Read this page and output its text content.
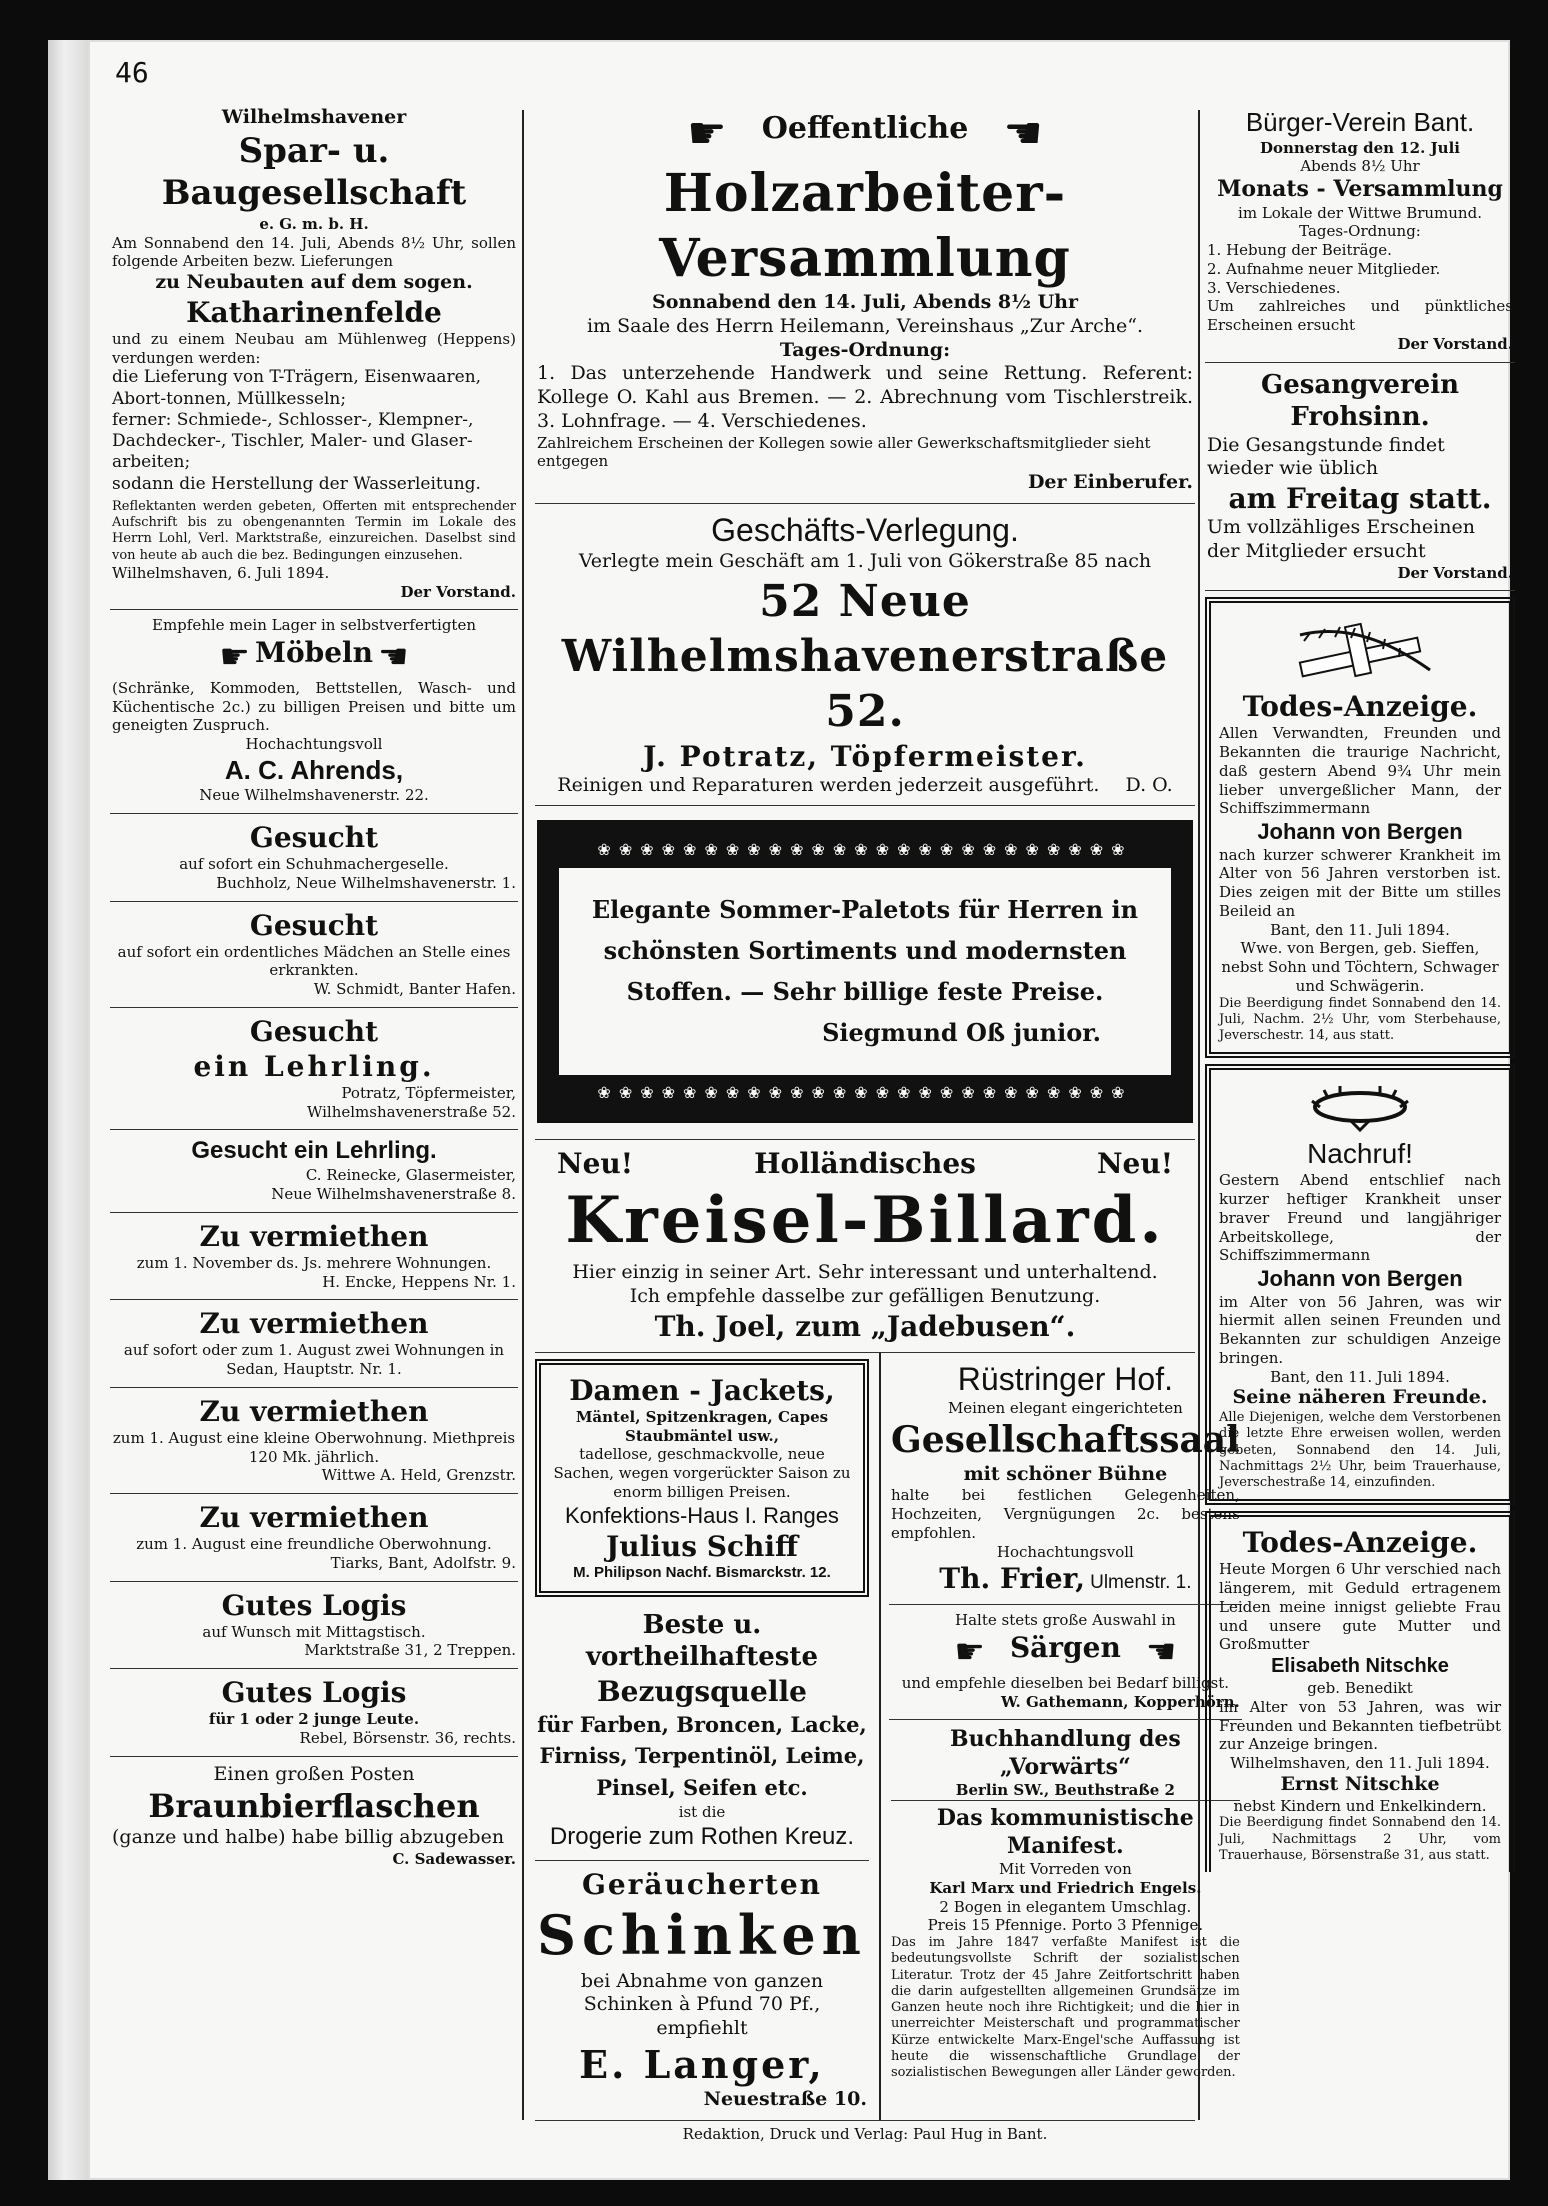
46
Wilhelmshavener
Spar- u. Baugesellschaft
e. G. m. b. H.
Am Sonnabend den 14. Juli, Abends 8½ Uhr, sollen folgende Arbeiten bezw. Lieferungen
zu Neubauten auf dem sogen.
Katharinenfelde
und zu einem Neubau am Mühlenweg (Heppens) verdungen werden:
die Lieferung von T-Trägern, Eisenwaaren, Abort-tonnen, Müllkesseln;
ferner: Schmiede-, Schlosser-, Klempner-, Dachdecker-, Tischler, Maler- und Glaser-arbeiten;
sodann die Herstellung der Wasserleitung.
Reflektanten werden gebeten, Offerten mit entsprechender Aufschrift bis zu obengenannten Termin im Lokale des Herrn Lohl, Verl. Marktstraße, einzureichen. Daselbst sind von heute ab auch die bez. Bedingungen einzusehen.
Wilhelmshaven, 6. Juli 1894.
Der Vorstand.
Empfehle mein Lager in selbstverfertigten
☛ Möbeln ☚
(Schränke, Kommoden, Bettstellen, Wasch- und Küchentische 2c.) zu billigen Preisen und bitte um geneigten Zuspruch.
Hochachtungsvoll
A. C. Ahrends,
Neue Wilhelmshavenerstr. 22.
Gesucht
auf sofort ein Schuhmachergeselle.
Buchholz, Neue Wilhelmshavenerstr. 1.
Gesucht
auf sofort ein ordentliches Mädchen an Stelle eines erkrankten.
W. Schmidt, Banter Hafen.
Gesucht
ein Lehrling.
Potratz, Töpfermeister,
Wilhelmshavenerstraße 52.
Gesucht ein Lehrling.
C. Reinecke, Glasermeister,
Neue Wilhelmshavenerstraße 8.
Zu vermiethen
zum 1. November ds. Js. mehrere Wohnungen.
H. Encke, Heppens Nr. 1.
Zu vermiethen
auf sofort oder zum 1. August zwei Wohnungen in Sedan, Hauptstr. Nr. 1.
Zu vermiethen
zum 1. August eine kleine Oberwohnung. Miethpreis 120 Mk. jährlich.
Wittwe A. Held, Grenzstr.
Zu vermiethen
zum 1. August eine freundliche Oberwohnung.
Tiarks, Bant, Adolfstr. 9.
Gutes Logis
auf Wunsch mit Mittagstisch.
Marktstraße 31, 2 Treppen.
Gutes Logis
für 1 oder 2 junge Leute.
Rebel, Börsenstr. 36, rechts.
Einen großen Posten
Braunbierflaschen
(ganze und halbe) habe billig abzugeben
C. Sadewasser.
☛ Oeffentliche ☚
Holzarbeiter-Versammlung
Sonnabend den 14. Juli, Abends 8½ Uhr
im Saale des Herrn Heilemann, Vereinshaus „Zur Arche“.
Tages-Ordnung:
1. Das unterzehende Handwerk und seine Rettung. Referent: Kollege O. Kahl aus Bremen. — 2. Abrechnung vom Tischlerstreik. 3. Lohnfrage. — 4. Verschiedenes.
Zahlreichem Erscheinen der Kollegen sowie aller Gewerkschaftsmitglieder sieht entgegen
Der Einberufer.
Geschäfts-Verlegung.
Verlegte mein Geschäft am 1. Juli von Gökerstraße 85 nach
52 Neue Wilhelmshavenerstraße 52.
J. Potratz, Töpfermeister.
Reinigen und Reparaturen werden jederzeit ausgeführt. D. O.
❀❀❀❀❀❀❀❀❀❀❀❀❀❀❀❀❀❀❀❀❀❀❀❀❀
Elegante Sommer-Paletots für Herren in schönsten Sortiments und modernsten Stoffen. — Sehr billige feste Preise.
Siegmund Oß junior.
❀❀❀❀❀❀❀❀❀❀❀❀❀❀❀❀❀❀❀❀❀❀❀❀❀
Neu!	Holländisches	Neu!
Kreisel-Billard.
Hier einzig in seiner Art. Sehr interessant und unterhaltend.
Ich empfehle dasselbe zur gefälligen Benutzung.
Th. Joel, zum „Jadebusen“.
Damen - Jackets,
Mäntel, Spitzenkragen, Capes Staubmäntel usw.,
tadellose, geschmackvolle, neue Sachen, wegen vorgerückter Saison zu enorm billigen Preisen.
Konfektions-Haus I. Ranges
Julius Schiff
M. Philipson Nachf. Bismarckstr. 12.
Beste u. vortheilhafteste
Bezugsquelle
für Farben, Broncen, Lacke, Firniss, Terpentinöl, Leime, Pinsel, Seifen etc.
ist die
Drogerie zum Rothen Kreuz.
Geräucherten
Schinken
bei Abnahme von ganzen Schinken à Pfund 70 Pf., empfiehlt
E. Langer,
Neuestraße 10.
Rüstringer Hof.
Meinen elegant eingerichteten
Gesellschaftssaal
mit schöner Bühne
halte bei festlichen Gelegenheiten, Hochzeiten, Vergnügungen 2c. bestens empfohlen.
Hochachtungsvoll
Th. Frier, Ulmenstr. 1.
Halte stets große Auswahl in
☛ Särgen ☚
und empfehle dieselben bei Bedarf billigst.
W. Gathemann, Kopperhörn.
Buchhandlung des „Vorwärts“
Berlin SW., Beuthstraße 2
Das kommunistische Manifest.
Mit Vorreden von
Karl Marx und Friedrich Engels.
2 Bogen in elegantem Umschlag.
Preis 15 Pfennige. Porto 3 Pfennige.
Das im Jahre 1847 verfaßte Manifest ist die bedeutungsvollste Schrift der sozialistischen Literatur. Trotz der 45 Jahre Zeitfortschritt haben die darin aufgestellten allgemeinen Grundsätze im Ganzen heute noch ihre Richtigkeit; und die hier in unerreichter Meisterschaft und programmatischer Kürze entwickelte Marx-Engel'sche Auffassung ist heute die wissenschaftliche Grundlage der sozialistischen Bewegungen aller Länder geworden.
Redaktion, Druck und Verlag: Paul Hug in Bant.
Bürger-Verein Bant.
Donnerstag den 12. Juli
Abends 8½ Uhr
Monats - Versammlung
im Lokale der Wittwe Brumund.
Tages-Ordnung:
1. Hebung der Beiträge.
2. Aufnahme neuer Mitglieder.
3. Verschiedenes.
Um zahlreiches und pünktliches Erscheinen ersucht
Der Vorstand.
Gesangverein Frohsinn.
Die Gesangstunde findet wieder wie üblich
am Freitag statt.
Um vollzähliges Erscheinen der Mitglieder ersucht
Der Vorstand.
Todes-Anzeige.
Allen Verwandten, Freunden und Bekannten die traurige Nachricht, daß gestern Abend 9¾ Uhr mein lieber unvergeßlicher Mann, der Schiffszimmermann
Johann von Bergen
nach kurzer schwerer Krankheit im Alter von 56 Jahren verstorben ist. Dies zeigen mit der Bitte um stilles Beileid an
Bant, den 11. Juli 1894.
Wwe. von Bergen, geb. Sieffen, nebst Sohn und Töchtern, Schwager und Schwägerin.
Die Beerdigung findet Sonnabend den 14. Juli, Nachm. 2½ Uhr, vom Sterbehause, Jeverschestr. 14, aus statt.
Nachruf!
Gestern Abend entschlief nach kurzer heftiger Krankheit unser braver Freund und langjähriger Arbeitskollege, der Schiffszimmermann
Johann von Bergen
im Alter von 56 Jahren, was wir hiermit allen seinen Freunden und Bekannten zur schuldigen Anzeige bringen.
Bant, den 11. Juli 1894.
Seine näheren Freunde.
Alle Diejenigen, welche dem Verstorbenen die letzte Ehre erweisen wollen, werden gebeten, Sonnabend den 14. Juli, Nachmittags 2½ Uhr, beim Trauerhause, Jeverschestraße 14, einzufinden.
Todes-Anzeige.
Heute Morgen 6 Uhr verschied nach längerem, mit Geduld ertragenem Leiden meine innigst geliebte Frau und unsere gute Mutter und Großmutter
Elisabeth Nitschke
geb. Benedikt
im Alter von 53 Jahren, was wir Freunden und Bekannten tiefbetrübt zur Anzeige bringen.
Wilhelmshaven, den 11. Juli 1894.
Ernst Nitschke
nebst Kindern und Enkelkindern.
Die Beerdigung findet Sonnabend den 14. Juli, Nachmittags 2 Uhr, vom Trauerhause, Börsenstraße 31, aus statt.
